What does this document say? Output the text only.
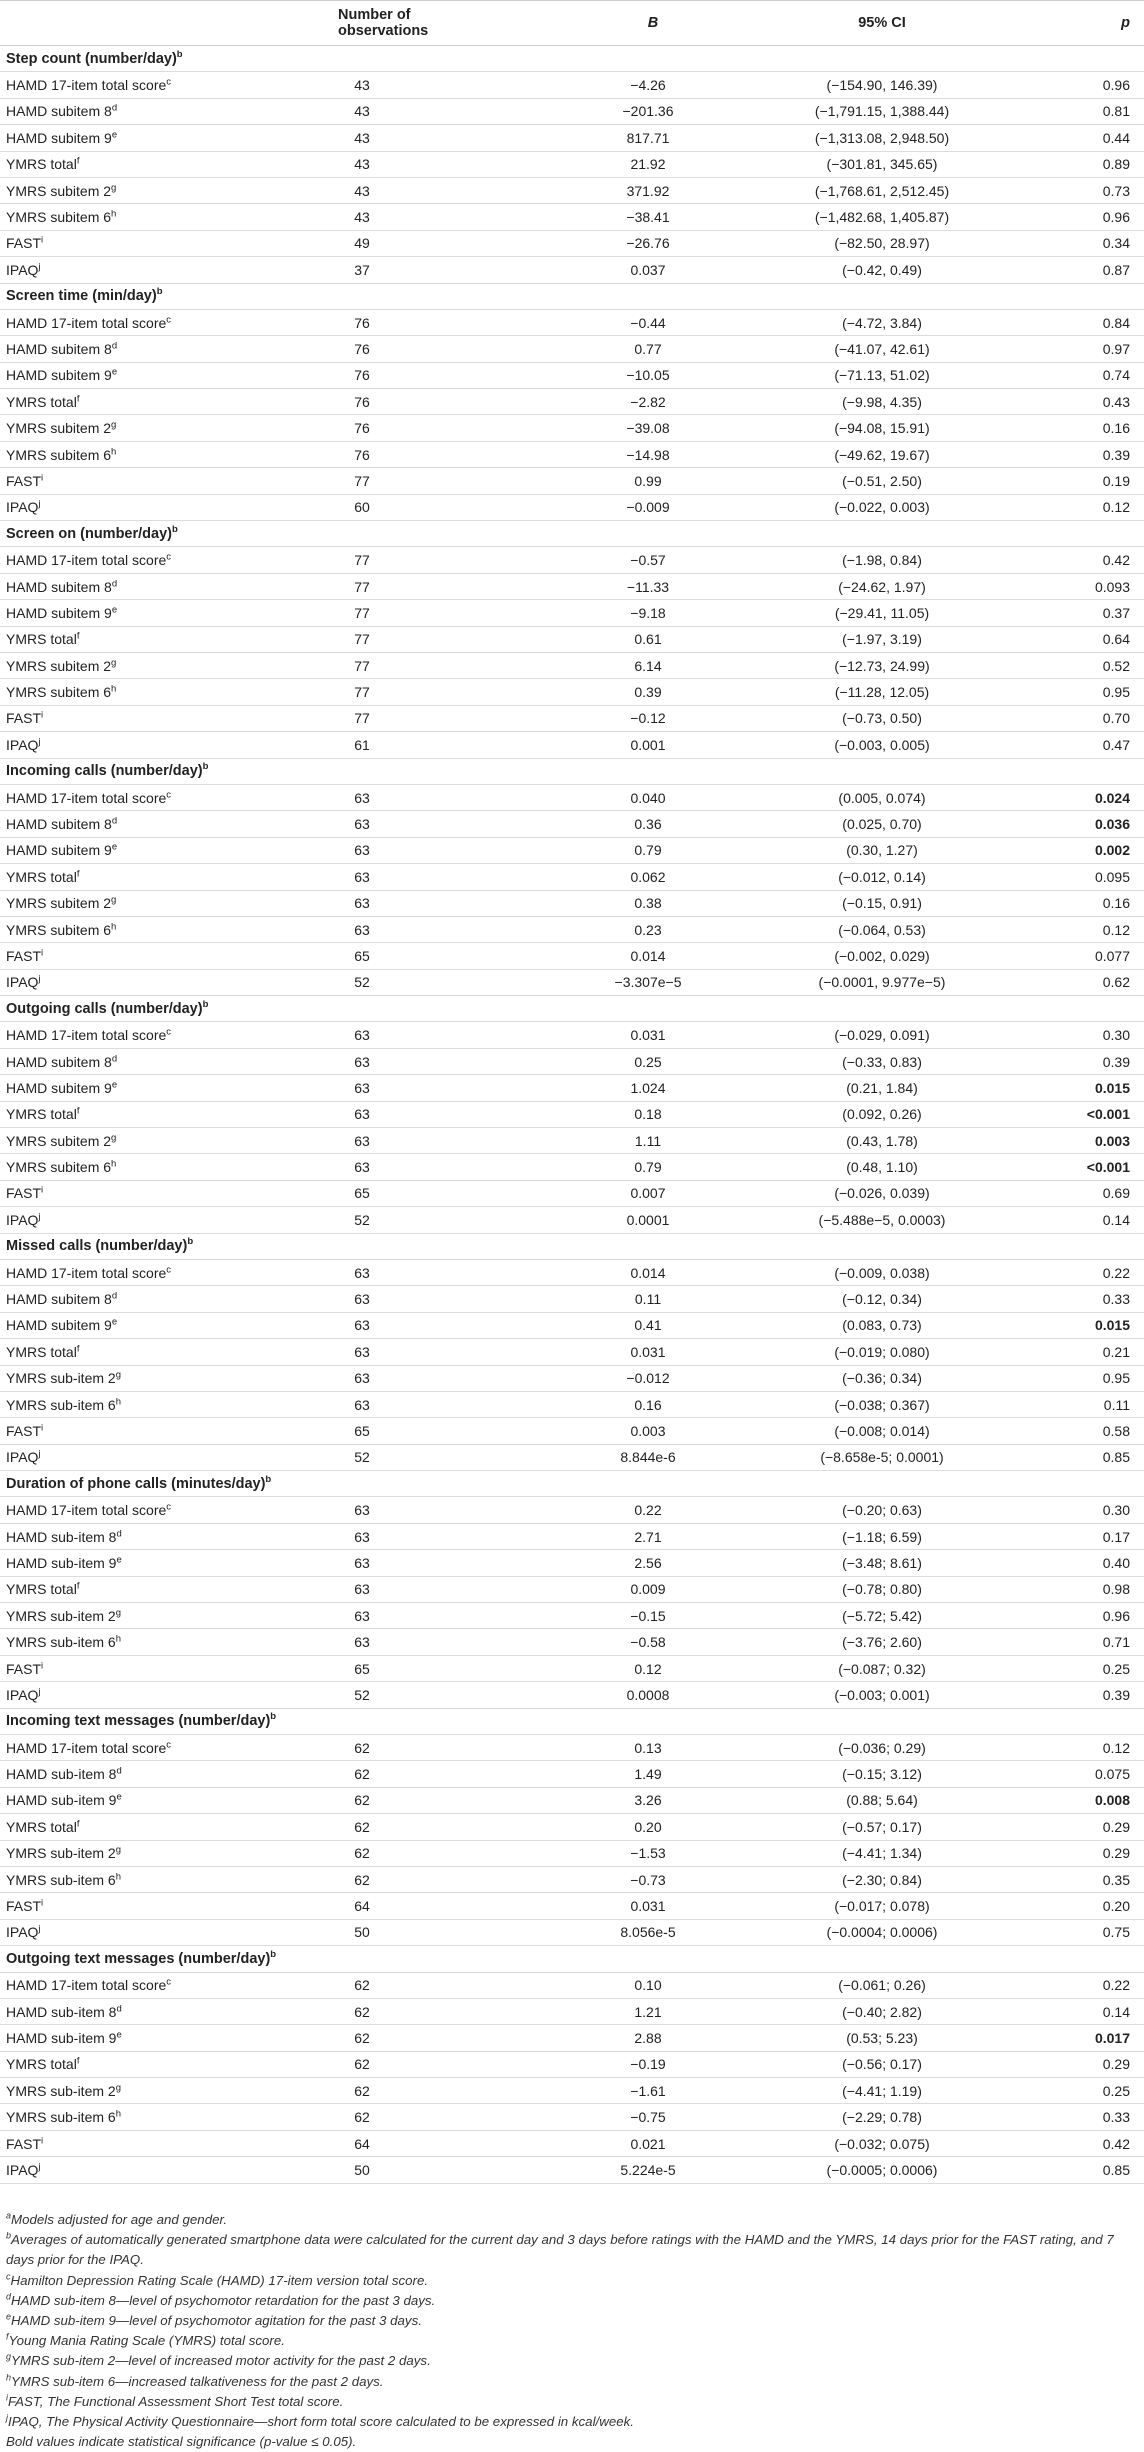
	Number of observations	B	95% CI	p
Step count (number/day)$^b$
HAMD 17-item total score$^c$	43	−4.26	(−154.90, 146.39)	0.96
HAMD subitem 8$^d$	43	−201.36	(−1,791.15, 1,388.44)	0.81
HAMD subitem 9e	43	817.71	(−1,313.08, 2,948.50)	0.44
YMRS total$^f$	43	21.92	(−301.81, 345.65)	0.89
YMRS subitem 2$^g$	43	371.92	(−1,768.61, 2,512.45)	0.73
YMRS subitem 6$^h$	43	−38.41	(−1,482.68, 1,405.87)	0.96
FAST$^i$	49	−26.76	(−82.50, 28.97)	0.34
IPAQ$^j$	37	0.037	(−0.42, 0.49)	0.87
Screen time $(\min/day)^b$
HAMD 17-item total score$^c$	76	−0.44	(−4.72, 3.84)	0.84
HAMD subitem 8$^d$	76	0.77	(−41.07, 42.61)	0.97
HAMD subitem 9e	76	−10.05	(−71.13, 51.02)	0.74
YMRS total$^f$	76	−2.82	(−9.98, 4.35)	0.43
YMRS subitem 2$^g$	76	−39.08	(−94.08, 15.91)	0.16
YMRS subitem 6$^h$	76	−14.98	(−49.62, 19.67)	0.39
FAST$^i$	77	0.99	(−0.51, 2.50)	0.19
IPAQ$^j$	60	−0.009	(−0.022, 0.003)	0.12
Screen on (number/day)$^b$
HAMD 17-item total score$^c$	77	−0.57	(−1.98, 0.84)	0.42
HAMD subitem 8$^d$	77	−11.33	(−24.62, 1.97)	0.093
HAMD subitem 9e	77	−9.18	(−29.41, 11.05)	0.37
YMRS total$^f$	77	0.61	(−1.97, 3.19)	0.64
YMRS subitem 2$^g$	77	6.14	(−12.73, 24.99)	0.52
YMRS subitem 6$^h$	77	0.39	(−11.28, 12.05)	0.95
FAST$^i$	77	−0.12	(−0.73, 0.50)	0.70
IPAQ$^j$	61	0.001	(−0.003, 0.005)	0.47
Incoming calls (number/day)$^b$
HAMD 17-item total score$^c$	63	0.040	(0.005, 0.074)	0.024
HAMD subitem 8$^d$	63	0.36	(0.025, 0.70)	0.036
HAMD subitem 9e	63	0.79	(0.30, 1.27)	0.002
YMRS total$^f$	63	0.062	(−0.012, 0.14)	0.095
YMRS subitem 2$^g$	63	0.38	(−0.15, 0.91)	0.16
YMRS subitem 6$^h$	63	0.23	(−0.064, 0.53)	0.12
FAST$^i$	65	0.014	(−0.002, 0.029)	0.077
IPAQ$^j$	52	−3.307e−5	(−0.0001, 9.977e−5)	0.62
Outgoing calls (number/day)$^b$
HAMD 17-item total score$^c$	63	0.031	(−0.029, 0.091)	0.30
HAMD subitem 8$^d$	63	0.25	(−0.33, 0.83)	0.39
HAMD subitem 9e	63	1.024	(0.21, 1.84)	0.015
YMRS total$^f$	63	0.18	(0.092, 0.26)	<0.001
YMRS subitem 2$^g$	63	1.11	(0.43, 1.78)	0.003
YMRS subitem 6$^h$	63	0.79	(0.48, 1.10)	<0.001
FAST$^i$	65	0.007	(−0.026, 0.039)	0.69
IPAQ$^j$	52	0.0001	(−5.488e−5, 0.0003)	0.14
Missed calls (number/day)$^b$
HAMD 17-item total score$^c$	63	0.014	(−0.009, 0.038)	0.22
HAMD subitem 8$^d$	63	0.11	(−0.12, 0.34)	0.33
HAMD subitem 9e	63	0.41	(0.083, 0.73)	0.015
YMRS total$^f$	63	0.031	(−0.019; 0.080)	0.21
YMRS sub-item 2$^g$	63	−0.012	(−0.36; 0.34)	0.95
YMRS sub-item 6$^h$	63	0.16	(−0.038; 0.367)	0.11
FAST$^i$	65	0.003	(−0.008; 0.014)	0.58
IPAQ$^j$	52	8.844e-6	(−8.658e-5; 0.0001)	0.85
Duration of phone calls (minutes/day)$^b$
HAMD 17-item total score$^c$	63	0.22	(−0.20; 0.63)	0.30
HAMD sub-item 8$^d$	63	2.71	(−1.18; 6.59)	0.17
HAMD sub-item 9e	63	2.56	(−3.48; 8.61)	0.40
YMRS total$^f$	63	0.009	(−0.78; 0.80)	0.98
YMRS sub-item 2$^g$	63	−0.15	(−5.72; 5.42)	0.96
YMRS sub-item 6$^h$	63	−0.58	(−3.76; 2.60)	0.71
FAST$^i$	65	0.12	(−0.087; 0.32)	0.25
IPAQ$^j$	52	0.0008	(−0.003; 0.001)	0.39
Incoming text messages (number/day)$^b$
HAMD 17-item total score$^c$	62	0.13	(−0.036; 0.29)	0.12
HAMD sub-item 8$^d$	62	1.49	(−0.15; 3.12)	0.075
HAMD sub-item 9e	62	3.26	(0.88; 5.64)	0.008
YMRS total$^f$	62	0.20	(−0.57; 0.17)	0.29
YMRS sub-item 2$^g$	62	−1.53	(−4.41; 1.34)	0.29
YMRS sub-item 6$^h$	62	−0.73	(−2.30; 0.84)	0.35
FAST$^i$	64	0.031	(−0.017; 0.078)	0.20
IPAQ$^j$	50	8.056e-5	(−0.0004; 0.0006)	0.75
Outgoing text messages (number/day)$^b$
HAMD 17-item total score$^c$	62	0.10	(−0.061; 0.26)	0.22
HAMD sub-item 8$^d$	62	1.21	(−0.40; 2.82)	0.14
HAMD sub-item 9e	62	2.88	(0.53; 5.23)	0.017
YMRS total$^f$	62	−0.19	(−0.56; 0.17)	0.29
YMRS sub-item 2$^g$	62	−1.61	(−4.41; 1.19)	0.25
YMRS sub-item 6$^h$	62	−0.75	(−2.29; 0.78)	0.33
FAST$^i$	64	0.021	(−0.032; 0.075)	0.42
IPAQ$^j$	50	5.224e-5	(−0.0005; 0.0006)	0.85

$^a$Models adjusted for age and gender.

$^b$Averages of automatically generated smartphone data were calculated for the current day and 3 days before ratings with the HAMD and the YMRS, 14 days prior for the FAST rating, and 7 days prior for the IPAQ.

$^c$Hamilton Depression Rating Scale (HAMD) 17-item version total score.

$^d$HAMD sub-item 8—level of psychomotor retardation for the past 3 days.

$^e$HAMD sub-item 9—level of psychomotor agitation for the past 3 days.

$^f$Young Mania Rating Scale (YMRS) total score.

$^g$YMRS sub-item 2—level of increased motor activity for the past 2 days.

$^h$YMRS sub-item 6—increased talkativeness for the past 2 days.

$^i$FAST, The Functional Assessment Short Test total score.

$^j$IPAQ, The Physical Activity Questionnaire—short form total score calculated to be expressed in kcal/week.

Bold values indicate statistical significance (p-value ≤ 0.05).
